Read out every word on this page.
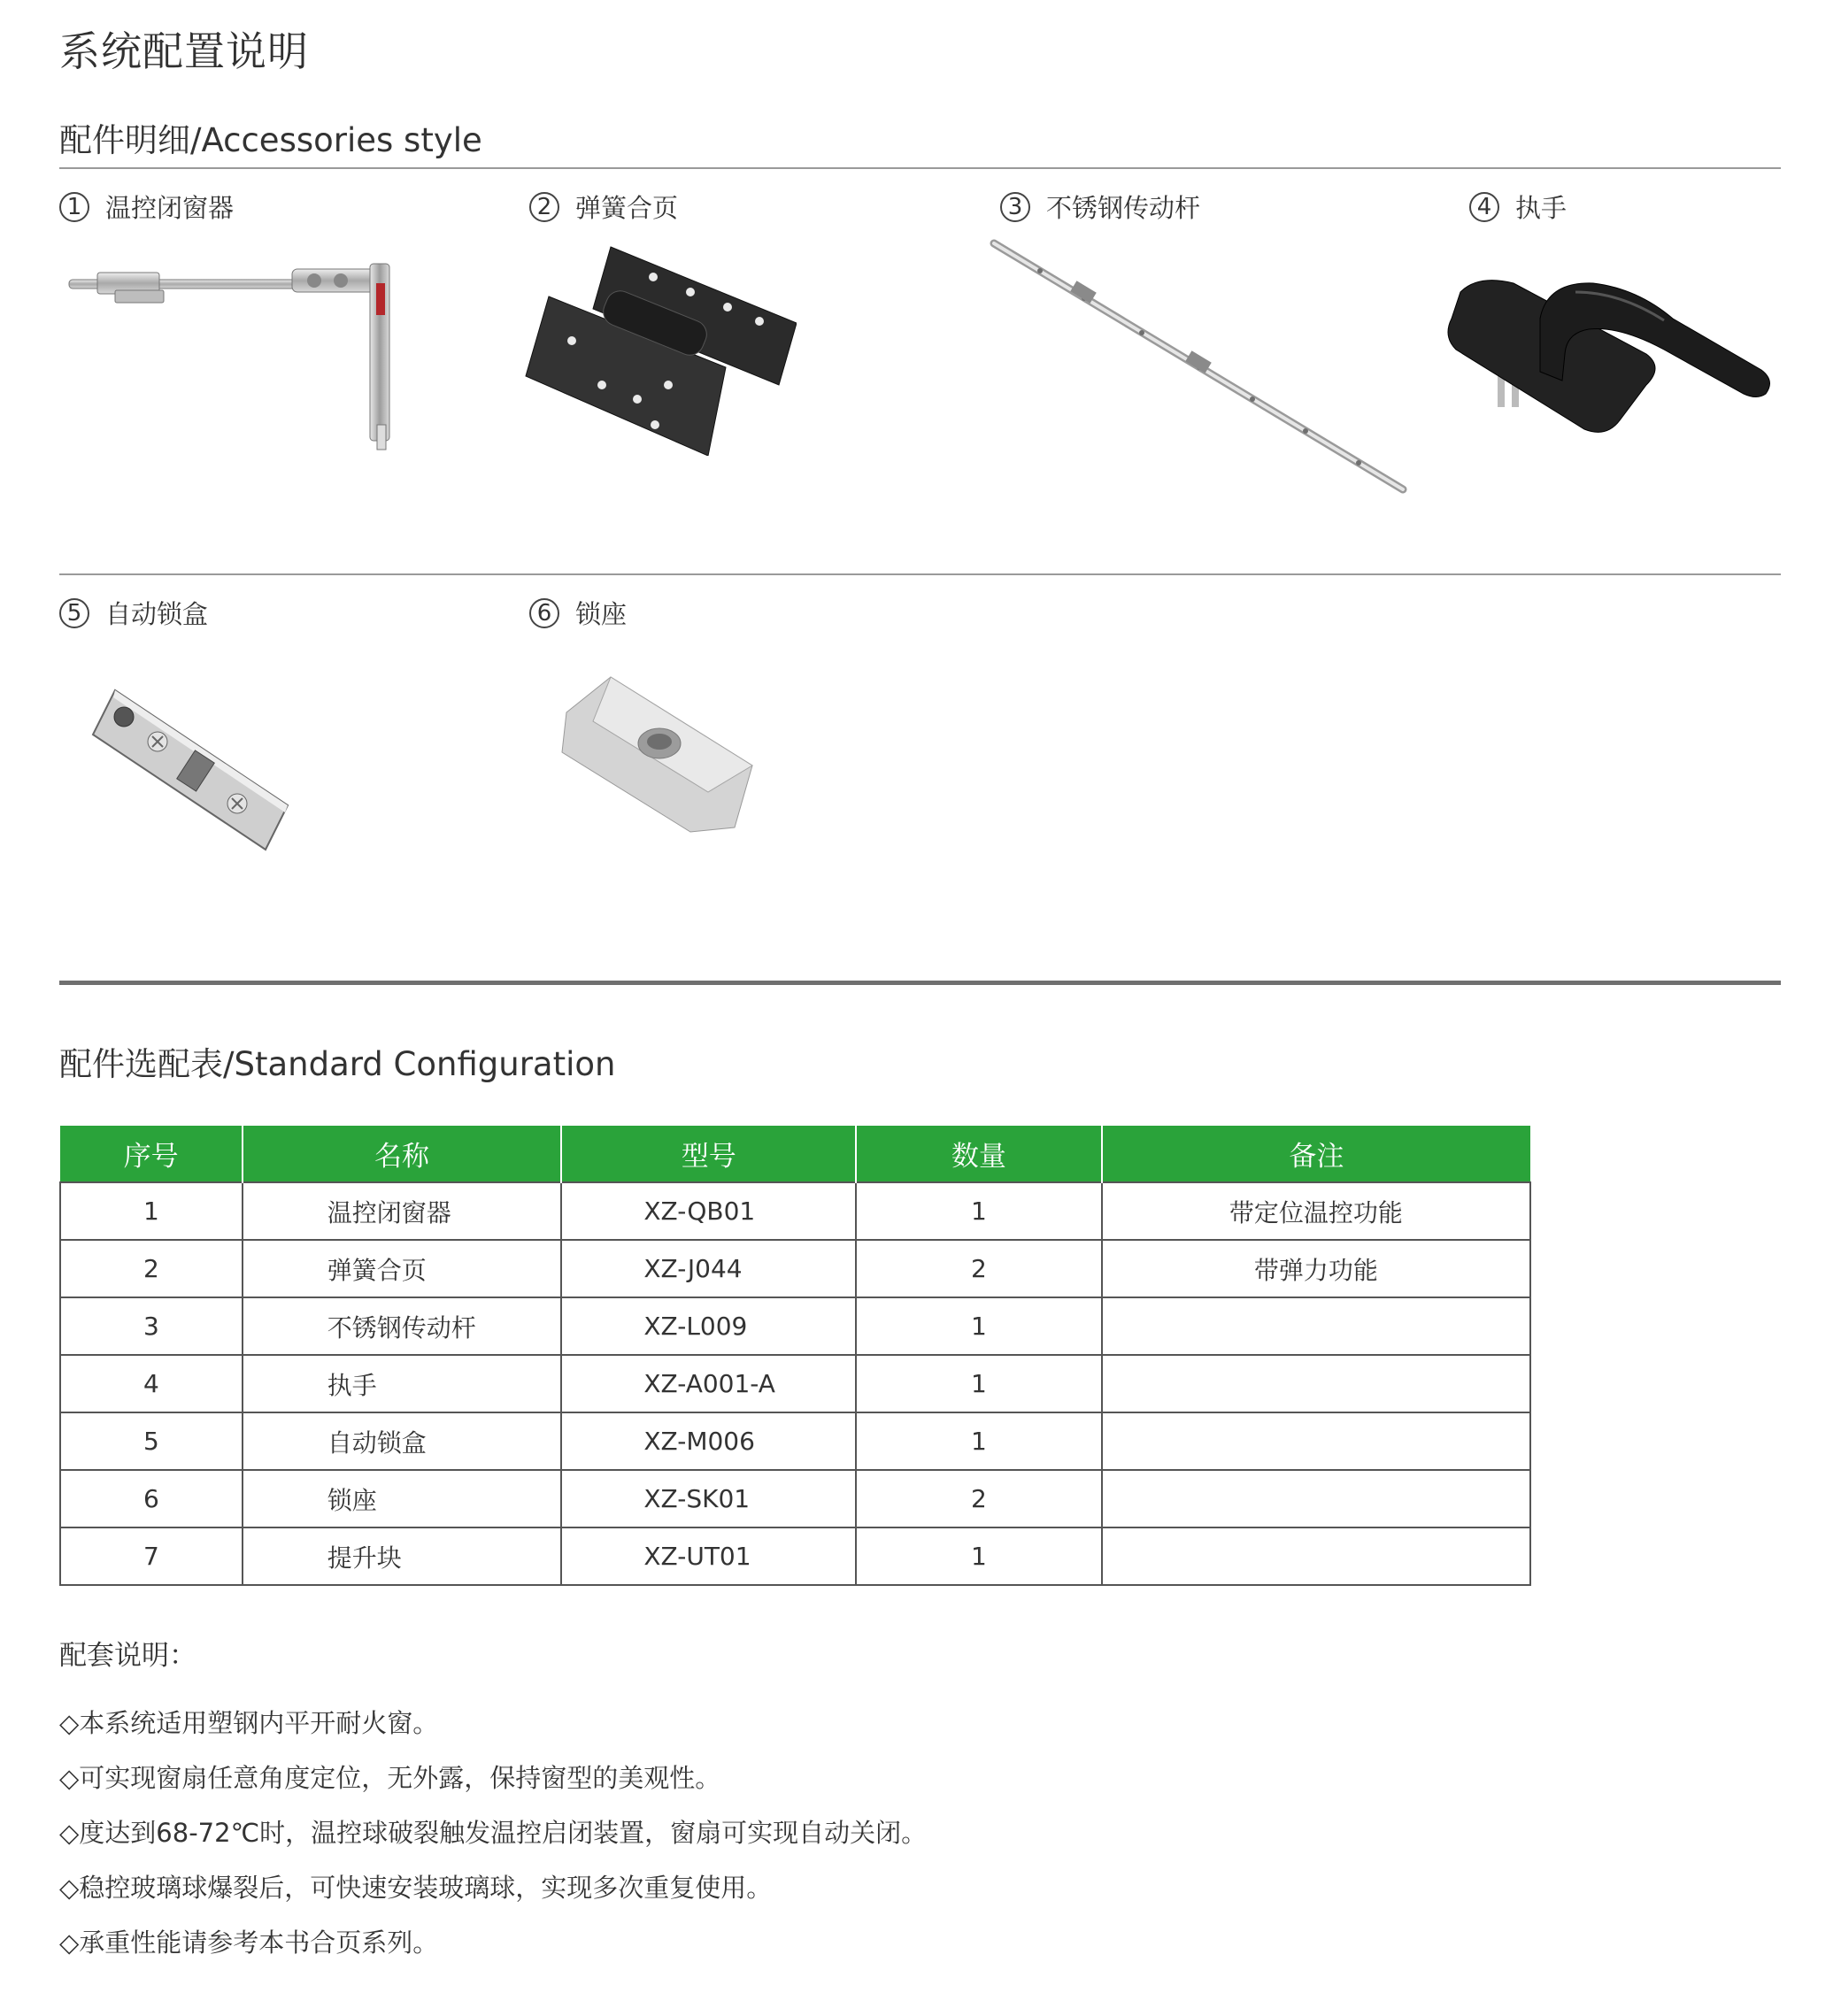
系统配置说明
配件明细/Accessories style
1 温控闭窗器	2 弹簧合页	3 不锈钢传动杆	4 执手
5 自动锁盒	6 锁座
配件选配表/Standard Configuration
序号	名称	型号	数量	备注
1	温控闭窗器	XZ-QB01	1	带定位温控功能
2	弹簧合页	XZ-J044	2	带弹力功能
3	不锈钢传动杆	XZ-L009	1	
4	执手	XZ-A001-A	1	
5	自动锁盒	XZ-M006	1	
6	锁座	XZ-SK01	2	
7	提升块	XZ-UT01	1	
配套说明：
◇本系统适用塑钢内平开耐火窗。
◇可实现窗扇任意角度定位，无外露，保持窗型的美观性。
◇度达到68-72℃时，温控球破裂触发温控启闭装置，窗扇可实现自动关闭。
◇稳控玻璃球爆裂后，可快速安装玻璃球，实现多次重复使用。
◇承重性能请参考本书合页系列。
